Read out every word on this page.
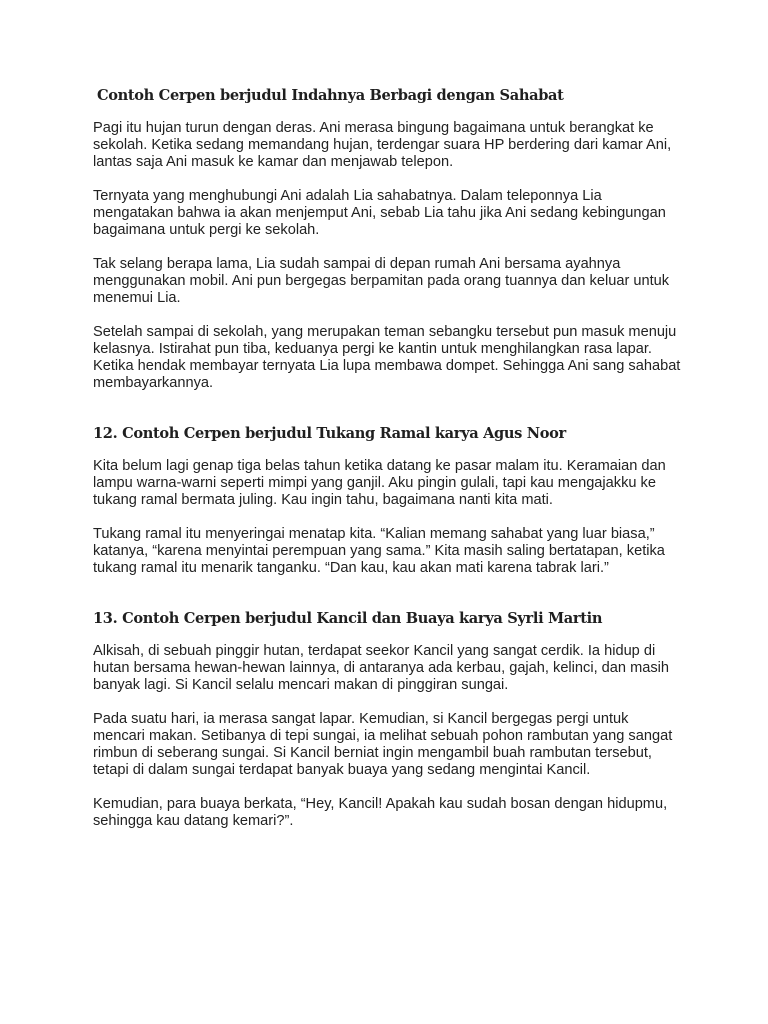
Contoh Cerpen berjudul Indahnya Berbagi dengan Sahabat

Pagi itu hujan turun dengan deras. Ani merasa bingung bagaimana untuk berangkat ke sekolah. Ketika sedang memandang hujan, terdengar suara HP berdering dari kamar Ani, lantas saja Ani masuk ke kamar dan menjawab telepon.

Ternyata yang menghubungi Ani adalah Lia sahabatnya. Dalam teleponnya Lia mengatakan bahwa ia akan menjemput Ani, sebab Lia tahu jika Ani sedang kebingungan bagaimana untuk pergi ke sekolah.

Tak selang berapa lama, Lia sudah sampai di depan rumah Ani bersama ayahnya menggunakan mobil. Ani pun bergegas berpamitan pada orang tuannya dan keluar untuk menemui Lia.

Setelah sampai di sekolah, yang merupakan teman sebangku tersebut pun masuk menuju kelasnya. Istirahat pun tiba, keduanya pergi ke kantin untuk menghilangkan rasa lapar. Ketika hendak membayar ternyata Lia lupa membawa dompet. Sehingga Ani sang sahabat membayarkannya.

12. Contoh Cerpen berjudul Tukang Ramal karya Agus Noor

Kita belum lagi genap tiga belas tahun ketika datang ke pasar malam itu. Keramaian dan lampu warna-warni seperti mimpi yang ganjil. Aku pingin gulali, tapi kau mengajakku ke tukang ramal bermata juling. Kau ingin tahu, bagaimana nanti kita mati.

Tukang ramal itu menyeringai menatap kita. “Kalian memang sahabat yang luar biasa,” katanya, “karena menyintai perempuan yang sama.” Kita masih saling bertatapan, ketika tukang ramal itu menarik tanganku. “Dan kau, kau akan mati karena tabrak lari.”

13. Contoh Cerpen berjudul Kancil dan Buaya karya Syrli Martin

Alkisah, di sebuah pinggir hutan, terdapat seekor Kancil yang sangat cerdik. Ia hidup di hutan bersama hewan-hewan lainnya, di antaranya ada kerbau, gajah, kelinci, dan masih banyak lagi. Si Kancil selalu mencari makan di pinggiran sungai.

Pada suatu hari, ia merasa sangat lapar. Kemudian, si Kancil bergegas pergi untuk mencari makan. Setibanya di tepi sungai, ia melihat sebuah pohon rambutan yang sangat rimbun di seberang sungai. Si Kancil berniat ingin mengambil buah rambutan tersebut, tetapi di dalam sungai terdapat banyak buaya yang sedang mengintai Kancil.

Kemudian, para buaya berkata, “Hey, Kancil! Apakah kau sudah bosan dengan hidupmu, sehingga kau datang kemari?”.
